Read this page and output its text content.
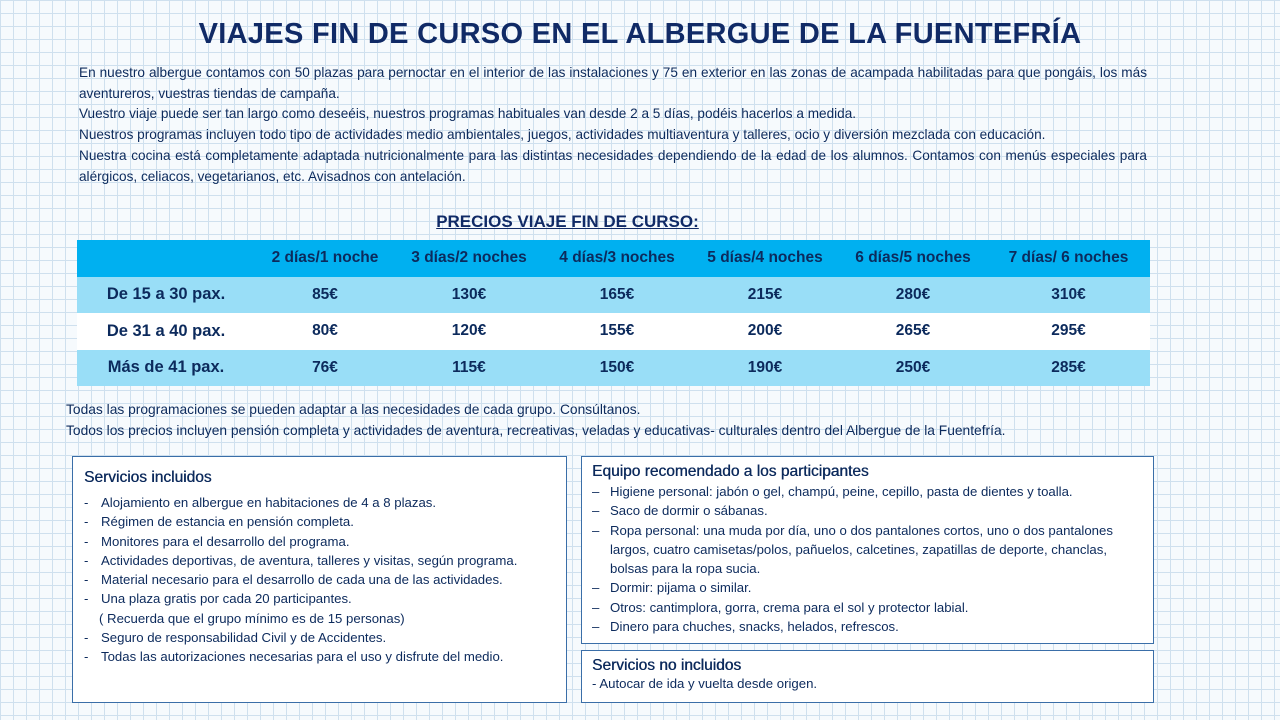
VIAJES FIN DE CURSO EN EL ALBERGUE DE LA FUENTEFRÍA

En nuestro albergue contamos con 50 plazas para pernoctar en el interior de las instalaciones y 75 en exterior en las zonas de acampada habilitadas para que pongáis, los más aventureros, vuestras tiendas de campaña.

Vuestro viaje puede ser tan largo como deseéis, nuestros programas habituales van desde 2 a 5 días, podéis hacerlos a medida.

Nuestros programas incluyen todo tipo de actividades medio ambientales, juegos, actividades multiaventura y talleres, ocio y diversión mezclada con educación.

Nuestra cocina está completamente adaptada nutricionalmente para las distintas necesidades dependiendo de la edad de los alumnos. Contamos con menús especiales para alérgicos, celiacos, vegetarianos, etc. Avisadnos con antelación.

PRECIOS VIAJE FIN DE CURSO:
	2 días/1 noche	3 días/2 noches	4 días/3 noches	5 días/4 noches	6 días/5 noches	7 días/ 6 noches
De 15 a 30 pax.	85€	130€	165€	215€	280€	310€
De 31 a 40 pax.	80€	120€	155€	200€	265€	295€
Más de 41 pax.	76€	115€	150€	190€	250€	285€

Todas las programaciones se pueden adaptar a las necesidades de cada grupo. Consúltanos.

Todos los precios incluyen pensión completa y actividades de aventura, recreativas, veladas y educativas- culturales dentro del Albergue de la Fuentefría.

Servicios incluidos
- Alojamiento en albergue en habitaciones de 4 a 8 plazas.
- Régimen de estancia en pensión completa.
- Monitores para el desarrollo del programa.
- Actividades deportivas, de aventura, talleres y visitas, según programa.
- Material necesario para el desarrollo de cada una de las actividades.
- Una plaza gratis por cada 20 participantes.
( Recuerda que el grupo mínimo es de 15 personas)
- Seguro de responsabilidad Civil y de Accidentes.
- Todas las autorizaciones necesarias para el uso y disfrute del medio.
Equipo recomendado a los participantes
– Higiene personal: jabón o gel, champú, peine, cepillo, pasta de dientes y toalla.
– Saco de dormir o sábanas.
– Ropa personal: una muda por día, uno o dos pantalones cortos, uno o dos pantalones largos, cuatro camisetas/polos, pañuelos, calcetines, zapatillas de deporte, chanclas, bolsas para la ropa sucia.
– Dormir: pijama o similar.
– Otros: cantimplora, gorra, crema para el sol y protector labial.
– Dinero para chuches, snacks, helados, refrescos.
Servicios no incluidos
- Autocar de ida y vuelta desde origen.
